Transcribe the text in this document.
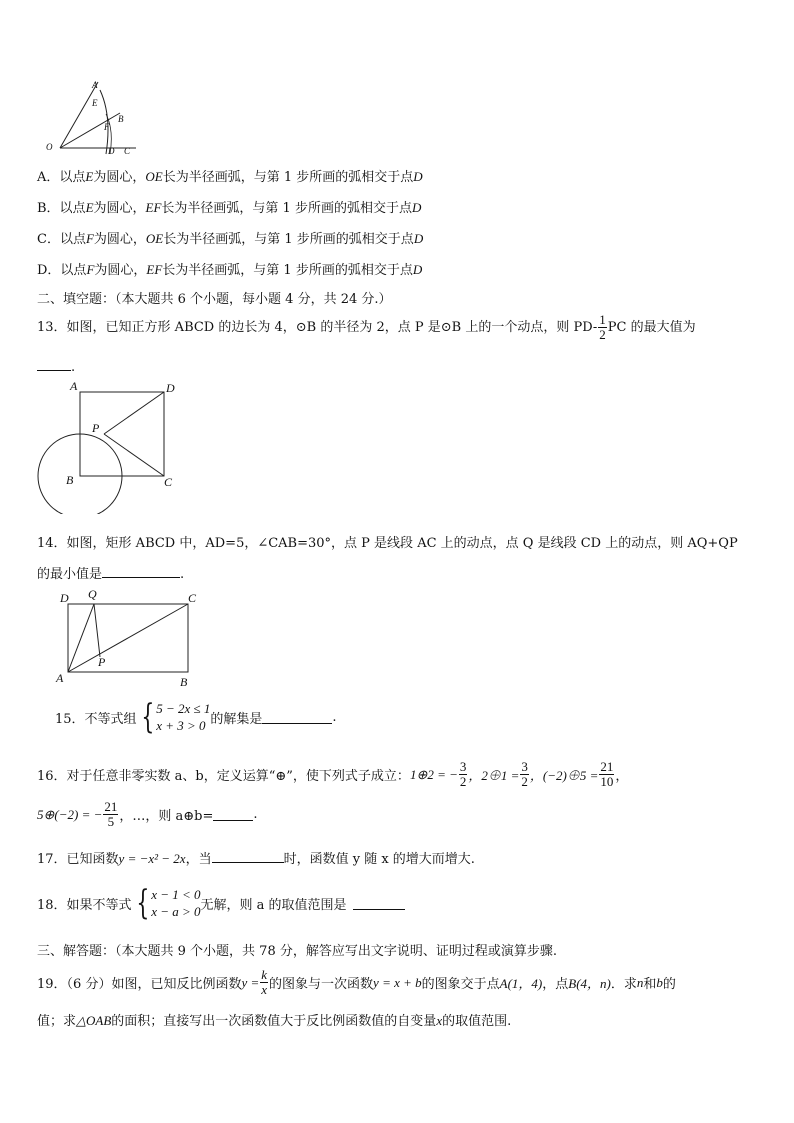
A
E
B
F
O	D C
A．以点E为圆心，OE长为半径画弧，与第 1 步所画的弧相交于点D
B．以点E为圆心，EF长为半径画弧，与第 1 步所画的弧相交于点D
C．以点F为圆心，OE长为半径画弧，与第 1 步所画的弧相交于点D
D．以点F为圆心，EF长为半径画弧，与第 1 步所画的弧相交于点D
二、填空题：（本大题共 6 个小题，每小题 4 分，共 24 分.）
13．如图，已知正方形 ABCD 的边长为 4，⊙B 的半径为 2，点 P 是⊙B 上的一个动点，则 $PD- \frac{1}{2}$ PC 的最大值为
.
A	D
P
B	C
14．如图，矩形 ABCD 中，AD=5，∠CAB=30°，点 P 是线段 AC 上的动点，点 Q 是线段 CD 上的动点，则 AQ+QP
的最小值是	.
D Q	C
P
A	B
15．不等式组 { 5 − 2x ≤ 1
x + 3 > 0 的解集是	.
16．对于任意非零实数 a、b，定义运算“⊕”，使下列式子成立： 1⊕2 = − $\frac{3}{2}$ ，2⊕1 = $\frac{3}{2}$ ，(−2)⊕5 = $\frac{21}{10}$ ，
5⊕(−2) = − $\frac{21}{5}$ ，…，则 a⊕b=	.
17．已知函数y = −x² − 2x，当	时，函数值 y 随 x 的增大而增大.
18．如果不等式 { x − 1 < 0
x − a > 0 无解，则 a 的取值范围是
三、解答题：（本大题共 9 个小题，共 78 分，解答应写出文字说明、证明过程或演算步骤.
19．（6 分）如图，已知反比例函数 $y = \frac{k}{x}$ 的图象与一次函数 y = x + b 的图象交于点 A(1，4) ，点 B(4，n) ．求 n 和 b 的
值；求△OAB的面积；直接写出一次函数值大于反比例函数值的自变量x的取值范围.
